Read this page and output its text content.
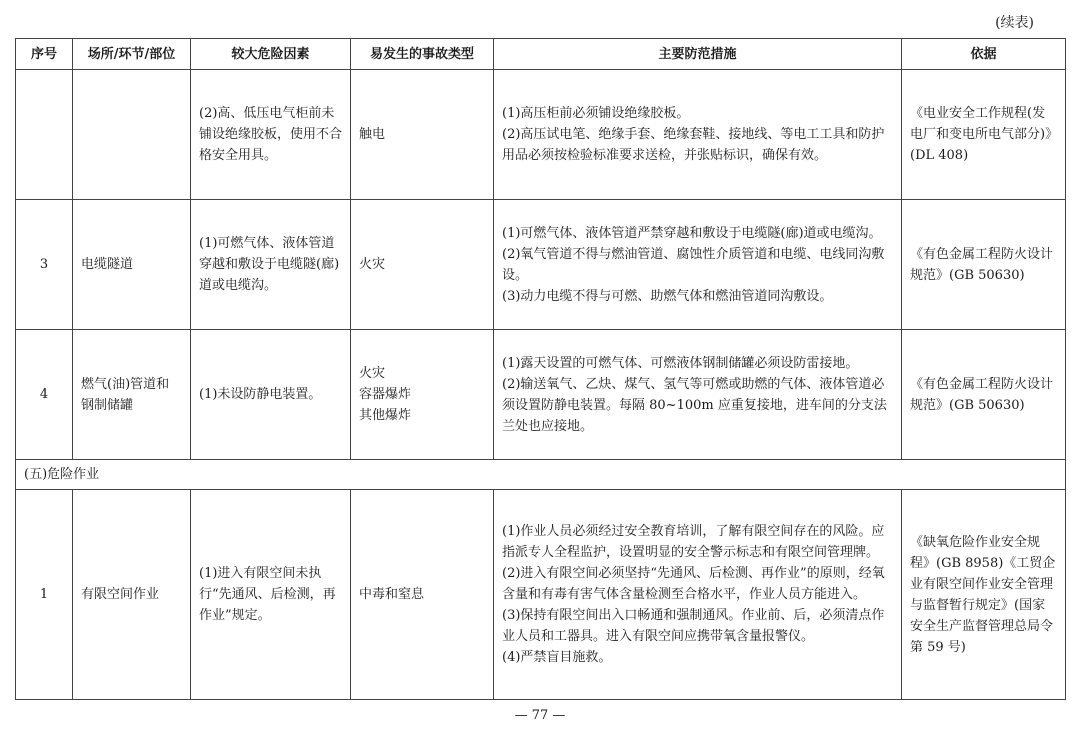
(续表)
序号	场所/环节/部位	较大危险因素	易发生的事故类型	主要防范措施	依据
		(2)高、低压电气柜前未铺设绝缘胶板，使用不合格安全用具。	触电	(1)高压柜前必须铺设绝缘胶板。
(2)高压试电笔、绝缘手套、绝缘套鞋、接地线、等电工工具和防护用品必须按检验标准要求送检，并张贴标识，确保有效。	《电业安全工作规程(发电厂和变电所电气部分)》(DL 408)
3	电缆隧道	(1)可燃气体、液体管道穿越和敷设于电缆隧(廊)道或电缆沟。	火灾	(1)可燃气体、液体管道严禁穿越和敷设于电缆隧(廊)道或电缆沟。
(2)氧气管道不得与燃油管道、腐蚀性介质管道和电缆、电线同沟敷设。
(3)动力电缆不得与可燃、助燃气体和燃油管道同沟敷设。	《有色金属工程防火设计规范》(GB 50630)
4	燃气(油)管道和钢制储罐	(1)未设防静电装置。	火灾
容器爆炸
其他爆炸	(1)露天设置的可燃气体、可燃液体钢制储罐必须设防雷接地。
(2)输送氧气、乙炔、煤气、氢气等可燃或助燃的气体、液体管道必须设置防静电装置。每隔 80~100m 应重复接地，进车间的分支法兰处也应接地。	《有色金属工程防火设计规范》(GB 50630)
(五)危险作业					
1	有限空间作业	(1)进入有限空间未执行“先通风、后检测，再作业”规定。	中毒和窒息	(1)作业人员必须经过安全教育培训，了解有限空间存在的风险。应指派专人全程监护，设置明显的安全警示标志和有限空间管理牌。
(2)进入有限空间必须坚持“先通风、后检测、再作业”的原则，经氧含量和有毒有害气体含量检测至合格水平，作业人员方能进入。
(3)保持有限空间出入口畅通和强制通风。作业前、后，必须清点作业人员和工器具。进入有限空间应携带氧含量报警仪。
(4)严禁盲目施救。	《缺氧危险作业安全规程》(GB 8958)《工贸企业有限空间作业安全管理与监督暂行规定》(国家安全生产监督管理总局令第 59 号)
— 77 —
